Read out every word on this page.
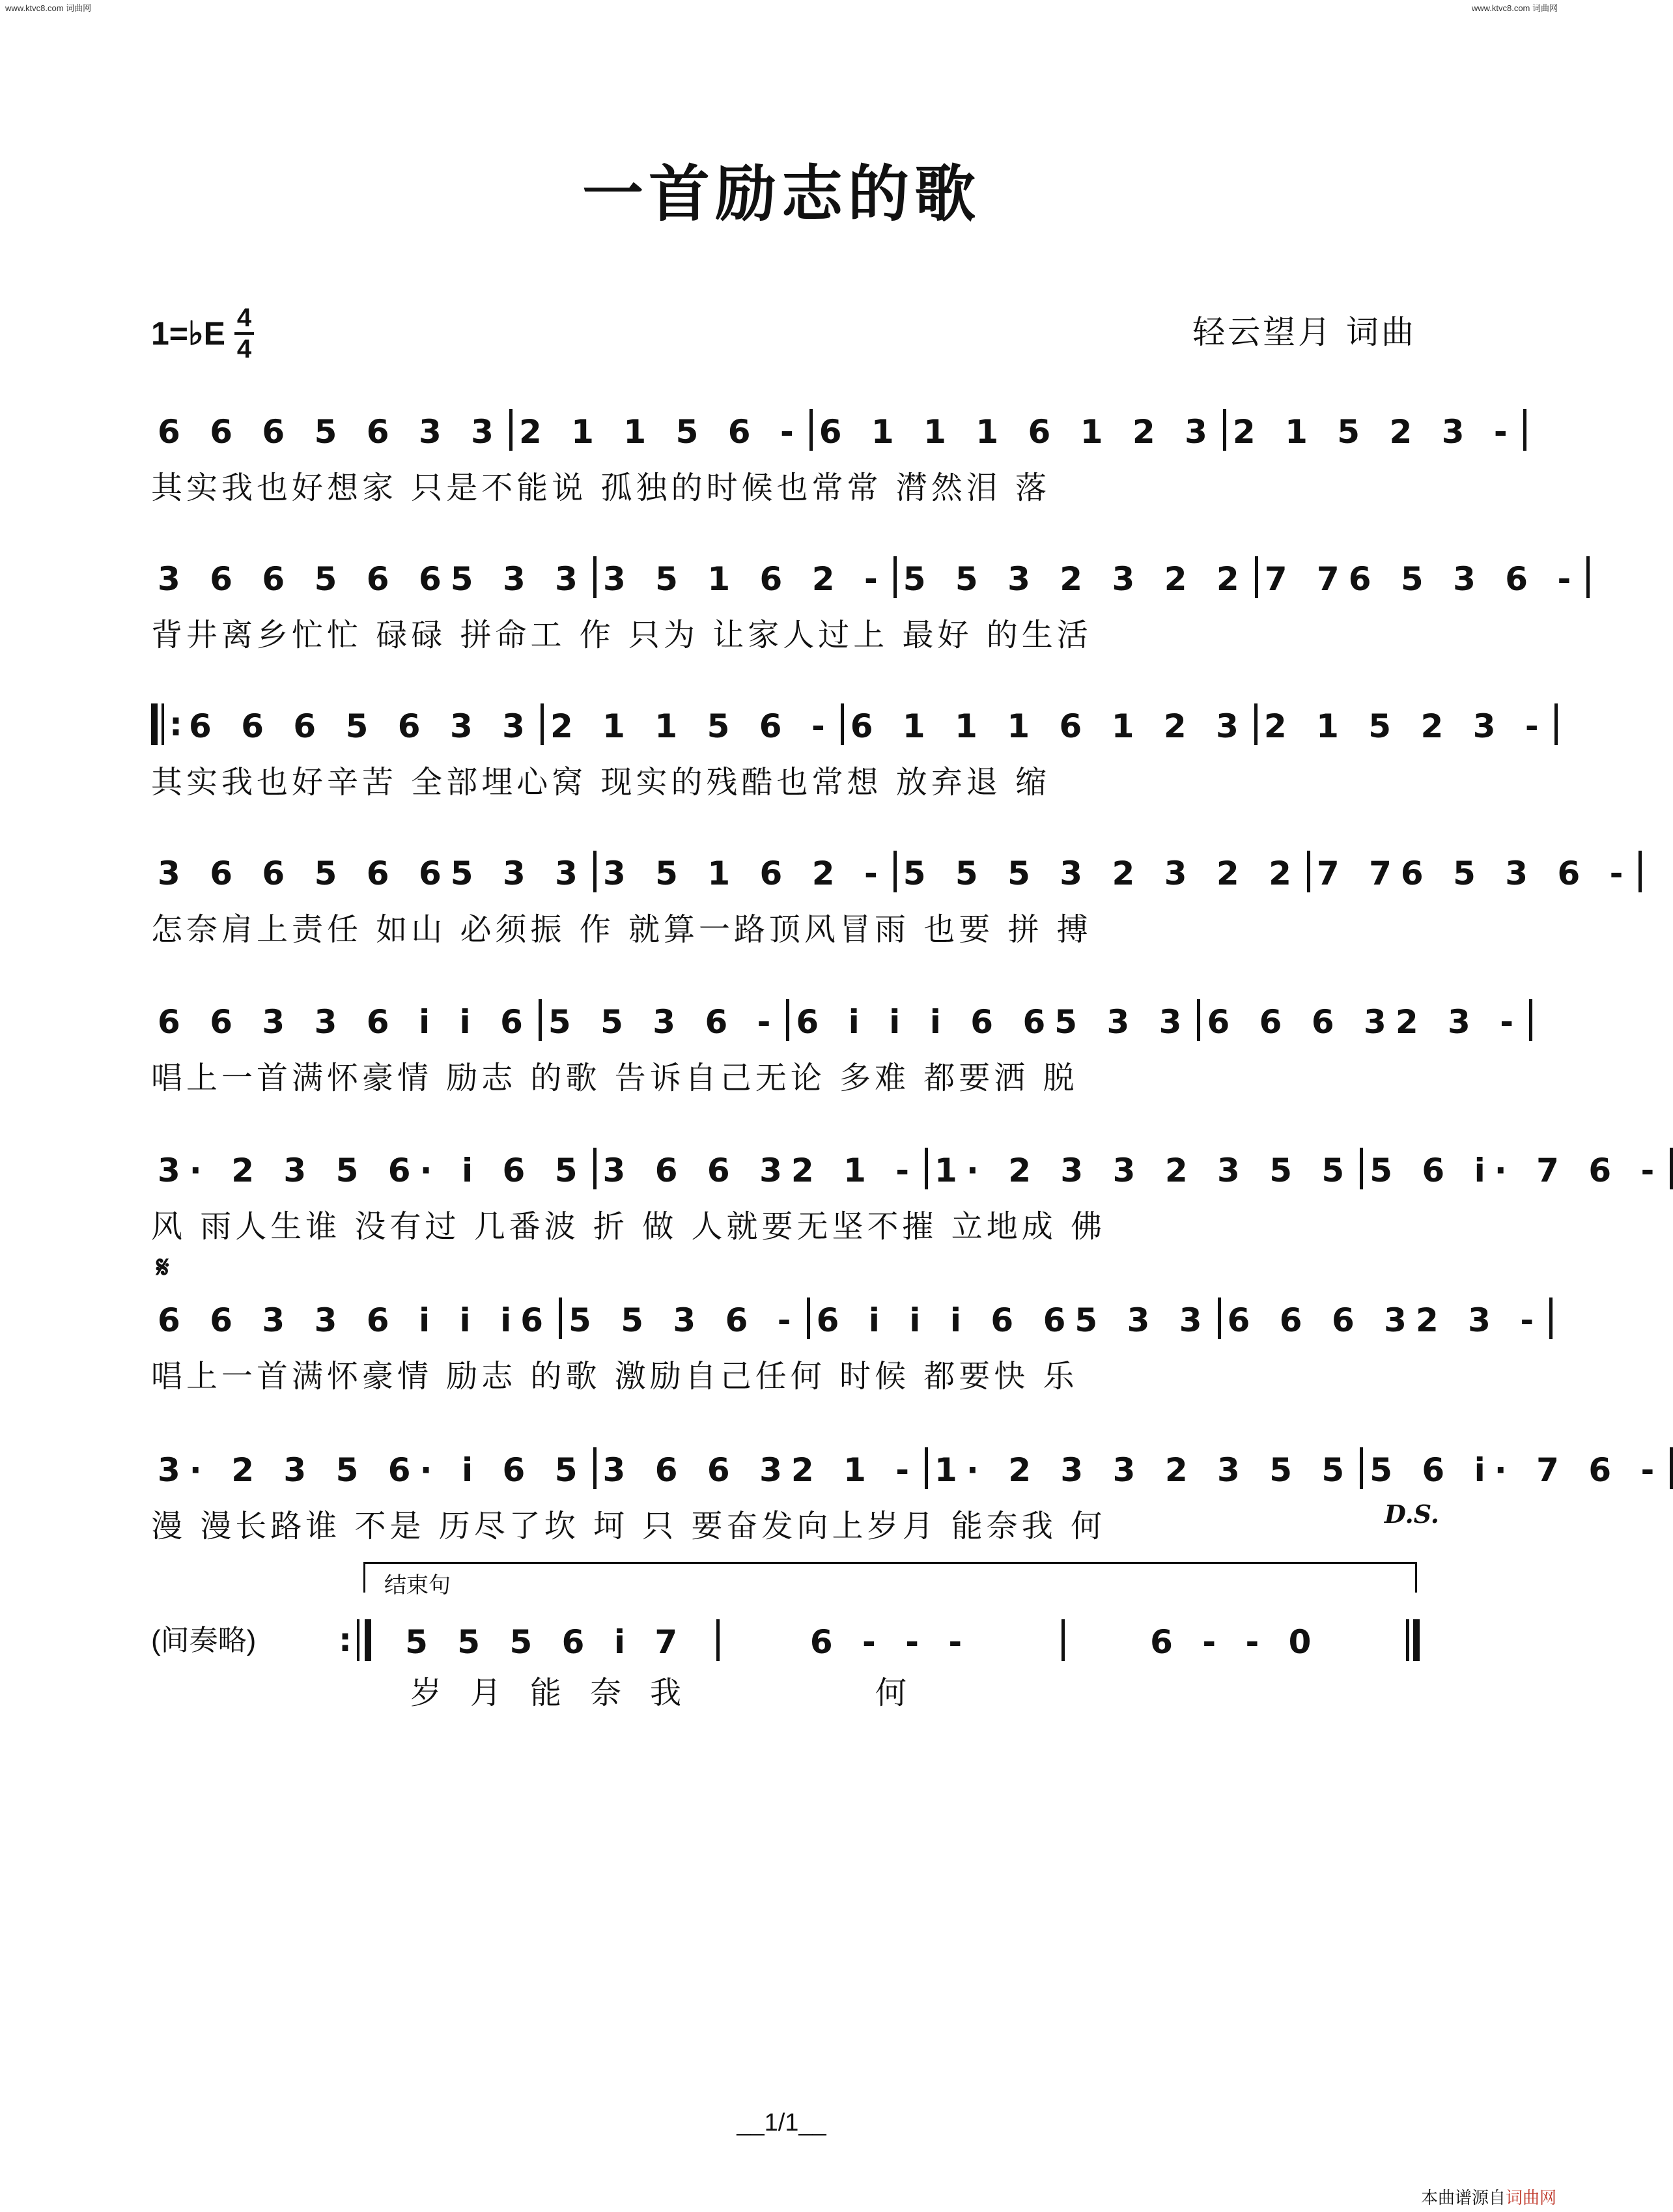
www.ktvc8.com 词曲网	www.ktvc8.com 词曲网
一首励志的歌
1=♭E 4
4	轻云望月 词曲
6 6 6 5 6 3 3 2 1 1 5 6 - 6 1 1 1 6 1 2 3 2 1 5 2 3 -
其实我也好想家 只是不能说 孤独的时候也常常 潸然泪 落
3 6 6 5 6 65 3 3 3 5 1 6 2 - 5 5 3 2 3 2 2 7 76 5 3 6 -
背井离乡忙忙 碌碌 拼命工 作 只为 让家人过上 最好 的生活
: 6 6 6 5 6 3 3 2 1 1 5 6 - 6 1 1 1 6 1 2 3 2 1 5 2 3 -
其实我也好辛苦 全部埋心窝 现实的残酷也常想 放弃退 缩
3 6 6 5 6 65 3 3 3 5 1 6 2 - 5 5 5 3 2 3 2 2 7 76 5 3 6 -
怎奈肩上责任 如山 必须振 作 就算一路顶风冒雨 也要 拼 搏
6 6 3 3 6 i i 6 5 5 3 6 - 6 i i i 6 65 3 3 6 6 6 32 3 -
唱上一首满怀豪情 励志 的歌 告诉自己无论 多难 都要洒 脱
3· 2 3 5 6· i 6 5 3 6 6 32 1 - 1· 2 3 3 2 3 5 5 5 6 i· 7 6 -
风 雨人生谁 没有过 几番波 折 做 人就要无坚不摧 立地成 佛
𝄋
6 6 3 3 6 i i i6 5 5 3 6 - 6 i i i 6 65 3 3 6 6 6 32 3 -
唱上一首满怀豪情 励志 的歌 激励自己任何 时候 都要快 乐
3· 2 3 5 6· i 6 5 3 6 6 32 1 - 1· 2 3 3 2 3 5 5 5 6 i· 7 6 -
漫 漫长路谁 不是 历尽了坎 坷 只 要奋发向上岁月 能奈我 何	D.S.
结束句
(间奏略)	:	5 5 5 6 i 7	6 - - -	6 - - 0
岁月能奈我	何
__1/1__
本曲谱源自词曲网
